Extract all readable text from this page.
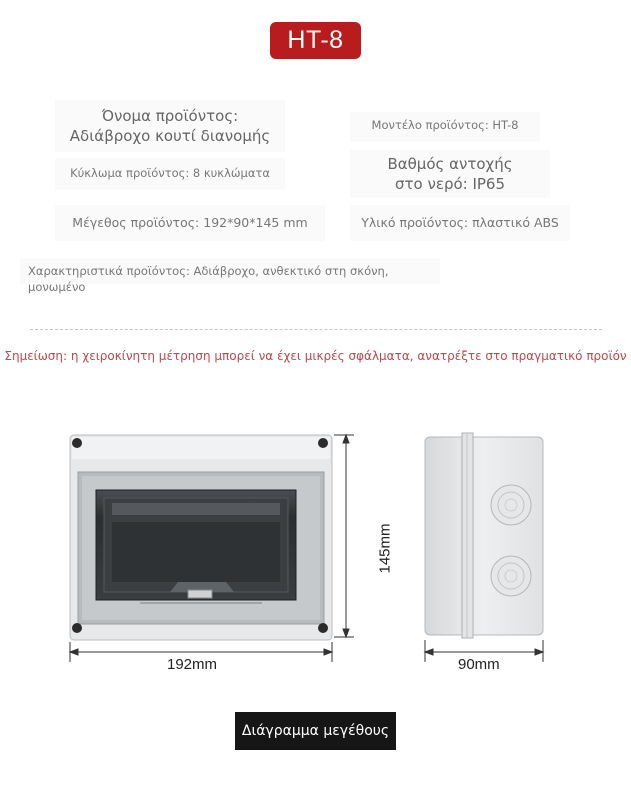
HT-8
Όνομα προϊόντος:
Αδιάβροχο κουτί διανομής
Μοντέλο προϊόντος: HT-8
Κύκλωμα προϊόντος: 8 κυκλώματα	Βαθμός αντοχής
στο νερό: IP65
Μέγεθος προϊόντος: 192*90*145 mm	Υλικό προϊόντος: πλαστικό ABS
Χαρακτηριστικά προϊόντος: Αδιάβροχο, ανθεκτικό στη σκόνη, μονωμένο
Σημείωση: η χειροκίνητη μέτρηση μπορεί να έχει μικρές σφάλματα, ανατρέξτε στο πραγματικό προϊόν
192mm	90mm
145mm
Διάγραμμα μεγέθους
